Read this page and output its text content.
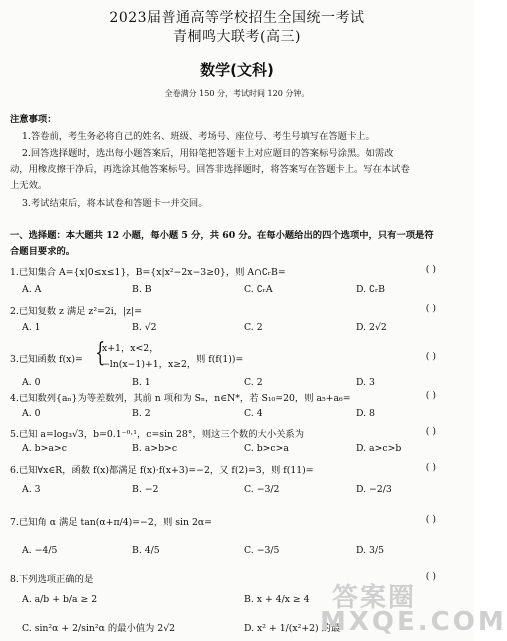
2023届普通高等学校招生全国统一考试
青桐鸣大联考(高三)
数学(文科)
全卷满分 150 分，考试时间 120 分钟。
注意事项：
1.答卷前，考生务必将自己的姓名、班级、考场号、座位号、考生号填写在答题卡上。
2.回答选择题时，选出每小题答案后，用铅笔把答题卡上对应题目的答案标号涂黑。如需改
动，用橡皮擦干净后，再选涂其他答案标号。回答非选择题时，将答案写在答题卡上。写在本试卷
上无效。
3.考试结束后，将本试卷和答题卡一并交回。
一、选择题：本大题共 12 小题，每小题 5 分，共 60 分。在每小题给出的四个选项中，只有一项是符
合题目要求的。
1.已知集合 A={x|0≤x≤1}，B={x|x²−2x−3≥0}，则 A∩∁ᵣB=	( )
A. A	B. B	C. ∁ᵣA	D. ∁ᵣB
2.已知复数 z 满足 z²=2i，|z|=	( )
A. 1	B. √2	C. 2	D. 2√2
3.已知函数 f(x)= {
x+1，x<2，
−ln(x−1)+1，x≥2， 则 f(f(1))=	( )
A. 0	B. 1	C. 2	D. 3
4.已知数列{aₙ}为等差数列，其前 n 项和为 Sₙ，n∈N*，若 S₁₀=20，则 a₅+a₆=	( )
A. 0	B. 2	C. 4	D. 8
5.已知 a=log₃√3，b=0.1⁻⁰·¹，c=sin 28°，则这三个数的大小关系为	( )
A. b>a>c	B. a>b>c	C. b>c>a	D. a>c>b
6.已知∀x∈R，函数 f(x)都满足 f(x)·f(x+3)=−2，又 f(2)=3，则 f(11)=	( )
A. 3	B. −2	C. −3/2	D. −2/3
7.已知角 α 满足 tan(α+π/4)=−2，则 sin 2α=	( )
A. −4/5	B. 4/5	C. −3/5	D. 3/5
8.下列选项正确的是	( )
A. a/b + b/a ≥ 2	B. x + 4/x ≥ 4
C. sin²α + 2/sin²α 的最小值为 2√2	D. x² + 1/(x²+2) 的最
答案圈
MXQE.COM
